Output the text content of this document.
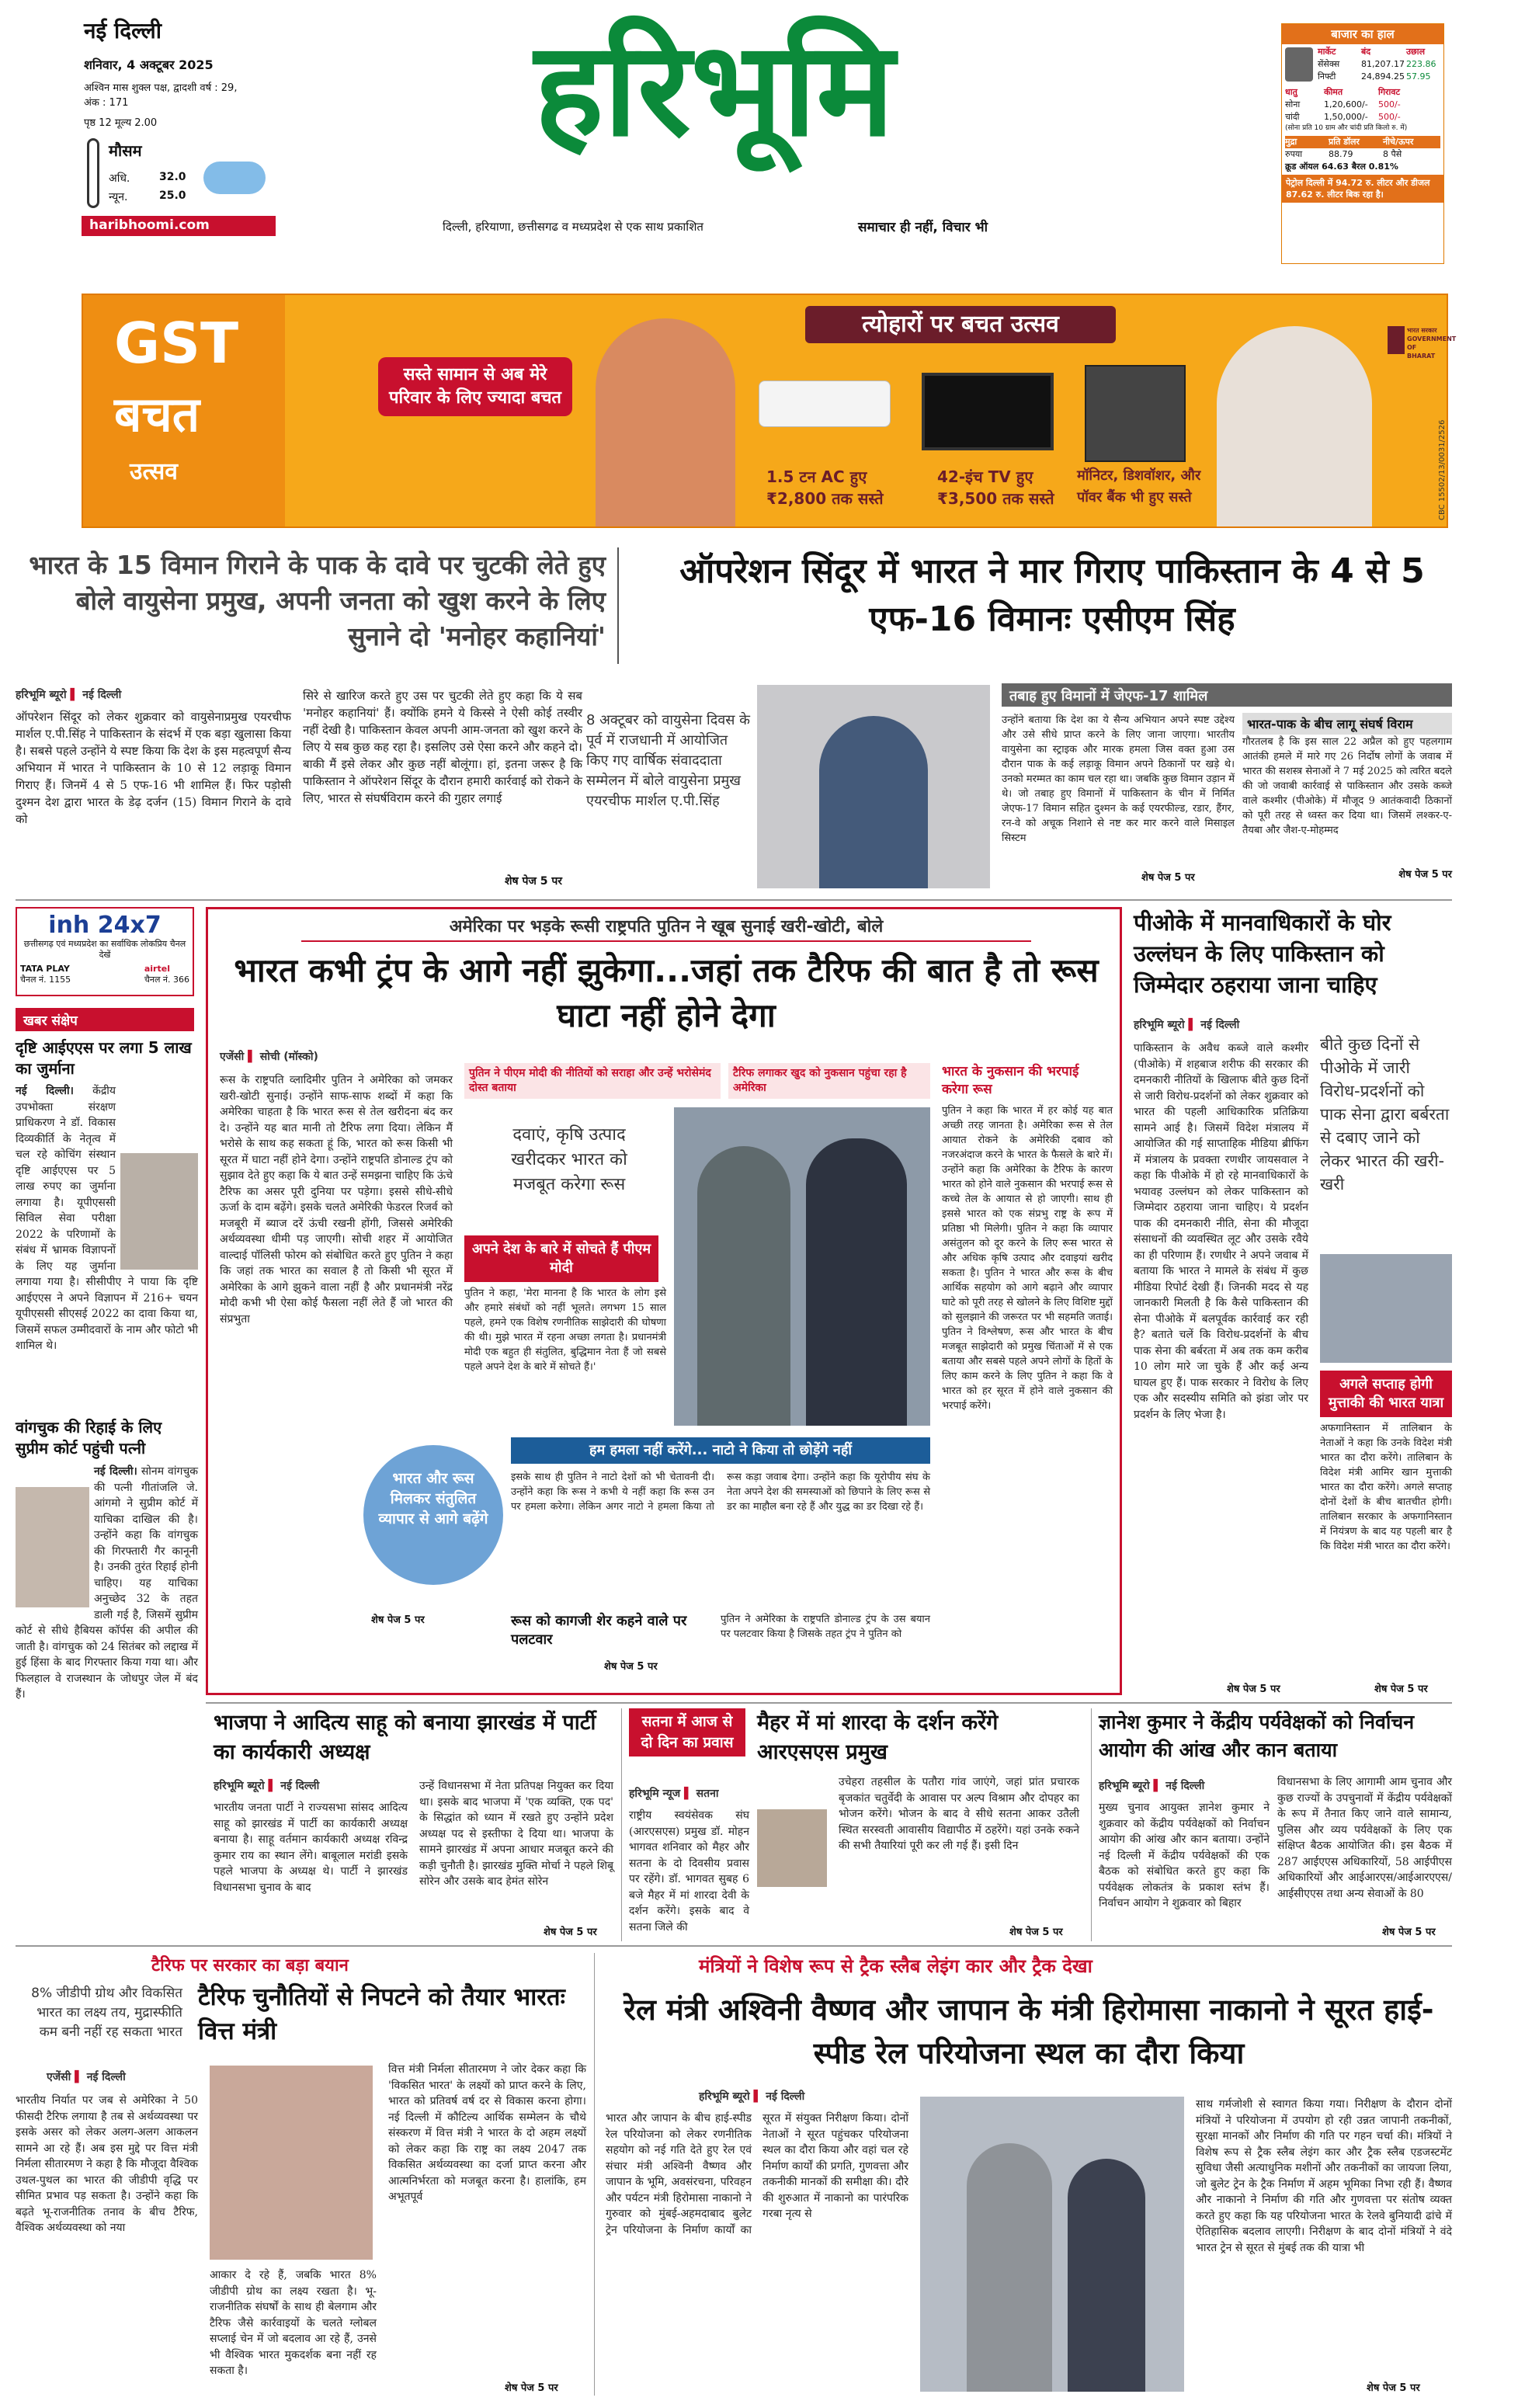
नई दिल्ली
शनिवार, 4 अक्टूबर 2025
अश्विन मास शुक्ल पक्ष, द्वादशी वर्ष : 29, अंक : 171
पृष्ठ 12 मूल्य 2.00
मौसम
अधि.	32.0
न्यून.	25.0
haribhoomi.com
हरिभूमि
दिल्ली, हरियाणा, छत्तीसगढ व मध्यप्रदेश से एक साथ प्रकाशित	समाचार ही नहीं, विचार भी
बाजार का हाल
मार्केट	बंद	उछाल
सेंसेक्स	81,207.17 223.86
निफ्टी	24,894.25 57.95
धातु	कीमत	गिरावट
सोना	1,20,600/-	500/-
चांदी	1,50,000/-	500/-
(सोना प्रति 10 ग्राम और चांदी प्रति किलो रु. में)
मुद्रा	प्रति डॉलर	नीचे/ऊपर
रुपया	88.79	8 पैसे
क्रूड ऑयल 64.63 बैरल 0.81%
पेट्रोल दिल्ली में 94.72 रु. लीटर और डीजल 87.62 रु. लीटर बिक रहा है।
GST
बचत
उत्सव
त्योहारों पर बचत उत्सव
सस्ते सामान से अब मेरे परिवार के लिए ज्यादा बचत
1.5 टन AC हुए
₹2,800 तक सस्ते
42-इंच TV हुए
₹3,500 तक सस्ते
मॉनिटर, डिशवॉशर, और
पॉवर बैंक भी हुए सस्ते
भारत सरकार GOVERNMENT OF BHARAT
CBC 15502/13/0031/2526
भारत के 15 विमान गिराने के पाक के दावे पर चुटकी लेते हुए बोले वायुसेना प्रमुख, अपनी जनता को खुश करने के लिए सुनाने दो 'मनोहर कहानियां'
ऑपरेशन सिंदूर में भारत ने मार गिराए पाकिस्तान के 4 से 5 एफ-16 विमानः एसीएम सिंह
हरिभूमि ब्यूरो ▌ नई दिल्ली
ऑपरेशन सिंदूर को लेकर शुक्रवार को वायुसेनाप्रमुख एयरचीफ मार्शल ए.पी.सिंह ने पाकिस्तान के संदर्भ में एक बड़ा खुलासा किया है। सबसे पहले उन्होंने ये स्पष्ट किया कि देश के इस महत्वपूर्ण सैन्य अभियान में भारत ने पाकिस्तान के 10 से 12 लड़ाकू विमान गिराए हैं। जिनमें 4 से 5 एफ-16 भी शामिल हैं। फिर पड़ोसी दुश्मन देश द्वारा भारत के डेढ़ दर्जन (15) विमान गिराने के दावे को
सिरे से खारिज करते हुए उस पर चुटकी लेते हुए कहा कि ये सब 'मनोहर कहानियां' हैं। क्योंकि हमने ये किस्से ने ऐसी कोई तस्वीर नहीं देखी है। पाकिस्तान केवल अपनी आम-जनता को खुश करने के लिए ये सब कुछ कह रहा है। इसलिए उसे ऐसा करने और कहने दो। बाकी मैं इसे लेकर और कुछ नहीं बोलूंगा। हां, इतना जरूर है कि पाकिस्तान ने ऑपरेशन सिंदूर के दौरान हमारी कार्रवाई को रोकने के लिए, भारत से संघर्षविराम करने की गुहार लगाई
शेष पेज 5 पर
8 अक्टूबर को वायुसेना दिवस के पूर्व में राजधानी में आयोजित किए गए वार्षिक संवाददाता सम्मेलन में बोले वायुसेना प्रमुख एयरचीफ मार्शल ए.पी.सिंह
तबाह हुए विमानों में जेएफ-17 शामिल
उन्होंने बताया कि देश का ये सैन्य अभियान अपने स्पष्ट उद्देश्य और उसे सीधे प्राप्त करने के लिए जाना जाएगा। भारतीय वायुसेना का स्ट्राइक और मारक हमला जिस वक्त हुआ उस दौरान पाक के कई लड़ाकू विमान अपने ठिकानों पर खड़े थे। उनको मरम्मत का काम चल रहा था। जबकि कुछ विमान उड़ान में थे। जो तबाह हुए विमानों में पाकिस्तान के चीन में निर्मित जेएफ-17 विमान सहित दुश्मन के कई एयरफील्ड, रडार, हैंगर, रन-वे को अचूक निशाने से नष्ट कर मार करने वाले मिसाइल सिस्टम
शेष पेज 5 पर
भारत-पाक के बीच लागू संघर्ष विराम
गौरतलब है कि इस साल 22 अप्रैल को हुए पहलगाम आतंकी हमले में मारे गए 26 निर्दोष लोगों के जवाब में भारत की सशस्त्र सेनाओं ने 7 मई 2025 को त्वरित बदले की जो जवाबी कार्रवाई से पाकिस्तान और उसके कब्जे वाले कश्मीर (पीओके) में मौजूद 9 आतंकवादी ठिकानों को पूरी तरह से ध्वस्त कर दिया था। जिसमें लश्कर-ए-तैयबा और जैश-ए-मोहम्मद
शेष पेज 5 पर
inh 24x7
छत्तीसगढ़ एवं मध्यप्रदेश का सर्वाधिक लोकप्रिय चैनल देखें
TATA PLAY
चैनल नं. 1155
airtel
चैनल नं. 366
खबर संक्षेप
दृष्टि आईएएस पर लगा 5 लाख का जुर्माना
नई दिल्ली। केंद्रीय उपभोक्ता संरक्षण प्राधिकरण ने डॉ. विकास दिव्यकीर्ति के नेतृत्व में चल रहे कोचिंग संस्थान दृष्टि आईएएस पर 5 लाख रुपए का जुर्माना लगाया है। यूपीएससी सिविल सेवा परीक्षा 2022 के परिणामों के संबंध में भ्रामक विज्ञापनों के लिए यह जुर्माना लगाया गया है। सीसीपीए ने पाया कि दृष्टि आईएएस ने अपने विज्ञापन में 216+ चयन यूपीएससी सीएसई 2022 का दावा किया था, जिसमें सफल उम्मीदवारों के नाम और फोटो भी शामिल थे।
वांगचुक की रिहाई के लिए सुप्रीम कोर्ट पहुंची पत्नी
नई दिल्ली। सोनम वांगचुक की पत्नी गीतांजलि जे. आंगमो ने सुप्रीम कोर्ट में याचिका दाखिल की है। उन्होंने कहा कि वांगचुक की गिरफ्तारी गैर कानूनी है। उनकी तुरंत रिहाई होनी चाहिए। यह याचिका अनुच्छेद 32 के तहत डाली गई है, जिसमें सुप्रीम कोर्ट से सीधे हैबियस कॉर्पस की अपील की जाती है। वांगचुक को 24 सितंबर को लद्दाख में हुई हिंसा के बाद गिरफ्तार किया गया था। और फिलहाल वे राजस्थान के जोधपुर जेल में बंद हैं।
अमेरिका पर भड़के रूसी राष्ट्रपति पुतिन ने खूब सुनाई खरी-खोटी, बोले
भारत कभी ट्रंप के आगे नहीं झुकेगा...जहां तक टैरिफ की बात है तो रूस घाटा नहीं होने देगा
एजेंसी ▌ सोची (मॉस्को)
रूस के राष्ट्रपति व्लादिमीर पुतिन ने अमेरिका को जमकर खरी-खोटी सुनाई। उन्होंने साफ-साफ शब्दों में कहा कि अमेरिका चाहता है कि भारत रूस से तेल खरीदना बंद कर दे। उन्होंने यह बात मानी तो टैरिफ लगा दिया। लेकिन मैं भरोसे के साथ कह सकता हूं कि, भारत को रूस किसी भी सूरत में घाटा नहीं होने देगा। उन्होंने राष्ट्रपति डोनाल्ड ट्रंप को सुझाव देते हुए कहा कि ये बात उन्हें समझना चाहिए कि ऊंचे टैरिफ का असर पूरी दुनिया पर पड़ेगा। इससे सीधे-सीधे ऊर्जा के दाम बढ़ेंगे। इसके चलते अमेरिकी फेडरल रिजर्व को मजबूरी में ब्याज दरें ऊंची रखनी होंगी, जिससे अमेरिकी अर्थव्यवस्था धीमी पड़ जाएगी। सोची शहर में आयोजित वाल्दाई पॉलिसी फोरम को संबोधित करते हुए पुतिन ने कहा कि जहां तक भारत का सवाल है तो किसी भी सूरत में अमेरिका के आगे झुकने वाला नहीं है और प्रधानमंत्री नरेंद्र मोदी कभी भी ऐसा कोई फैसला नहीं लेते हैं जो भारत की संप्रभुता
शेष पेज 5 पर
पुतिन ने पीएम मोदी की नीतियों को सराहा और उन्हें भरोसेमंद दोस्त बताया
टैरिफ लगाकर खुद को नुकसान पहुंचा रहा है अमेरिका
दवाएं, कृषि उत्पाद खरीदकर भारत को मजबूत करेगा रूस
अपने देश के बारे में सोचते हैं पीएम मोदी
पुतिन ने कहा, 'मेरा मानना है कि भारत के लोग इसे और हमारे संबंधों को नहीं भूलते। लगभग 15 साल पहले, हमने एक विशेष रणनीतिक साझेदारी की घोषणा की थी। मुझे भारत में रहना अच्छा लगता है। प्रधानमंत्री मोदी एक बहुत ही संतुलित, बुद्धिमान नेता हैं जो सबसे पहले अपने देश के बारे में सोचते हैं।'
भारत और रूस मिलकर संतुलित व्यापार से आगे बढ़ेंगे
हम हमला नहीं करेंगे... नाटो ने किया तो छोड़ेंगे नहीं
इसके साथ ही पुतिन ने नाटो देशों को भी चेतावनी दी। उन्होंने कहा कि रूस ने कभी ये नहीं कहा कि रूस उन पर हमला करेगा। लेकिन अगर नाटो ने हमला किया तो रूस कड़ा जवाब देगा। उन्होंने कहा कि यूरोपीय संघ के नेता अपने देश की समस्याओं को छिपाने के लिए रूस से डर का माहौल बना रहे हैं और युद्ध का डर दिखा रहे हैं।
भारत के नुकसान की भरपाई करेगा रूस
पुतिन ने कहा कि भारत में हर कोई यह बात अच्छी तरह जानता है। अमेरिका रूस से तेल आयात रोकने के अमेरिकी दबाव को नजरअंदाज करने के भारत के फैसले के बारे में। उन्होंने कहा कि अमेरिका के टैरिफ के कारण भारत को होने वाले नुकसान की भरपाई रूस से कच्चे तेल के आयात से हो जाएगी। साथ ही इससे भारत को एक संप्रभु राष्ट्र के रूप में प्रतिष्ठा भी मिलेगी। पुतिन ने कहा कि व्यापार असंतुलन को दूर करने के लिए रूस भारत से और अधिक कृषि उत्पाद और दवाइयां खरीद सकता है। पुतिन ने भारत और रूस के बीच आर्थिक सहयोग को आगे बढ़ाने और व्यापार घाटे को पूरी तरह से खोलने के लिए विशिष्ट मुद्दों को सुलझाने की जरूरत पर भी सहमति जताई। पुतिन ने विश्लेषण, रूस और भारत के बीच मजबूत साझेदारी को प्रमुख चिंताओं में से एक बताया और सबसे पहले अपने लोगों के हितों के लिए काम करने के लिए पुतिन ने कहा कि वे भारत को हर सूरत में होने वाले नुकसान की भरपाई करेंगे।
रूस को कागजी शेर कहने वाले पर पलटवार
पुतिन ने अमेरिका के राष्ट्रपति डोनाल्ड ट्रंप के उस बयान पर पलटवार किया है जिसके तहत ट्रंप ने पुतिन को
शेष पेज 5 पर
पीओके में मानवाधिकारों के घोर उल्लंघन के लिए पाकिस्तान को जिम्मेदार ठहराया जाना चाहिए
हरिभूमि ब्यूरो ▌ नई दिल्ली
पाकिस्तान के अवैध कब्जे वाले कश्मीर (पीओके) में शहबाज शरीफ की सरकार की दमनकारी नीतियों के खिलाफ बीते कुछ दिनों से जारी विरोध-प्रदर्शनों को लेकर शुक्रवार को भारत की पहली आधिकारिक प्रतिक्रिया सामने आई है। जिसमें विदेश मंत्रालय में आयोजित की गई साप्ताहिक मीडिया ब्रीफिंग में मंत्रालय के प्रवक्ता रणधीर जायसवाल ने कहा कि पीओके में हो रहे मानवाधिकारों के भयावह उल्लंघन को लेकर पाकिस्तान को जिम्मेदार ठहराया जाना चाहिए। ये प्रदर्शन पाक की दमनकारी नीति, सेना की मौजूदा संसाधनों की व्यवस्थित लूट और उसके रवैये का ही परिणाम हैं। रणधीर ने अपने जवाब में बताया कि भारत ने मामले के संबंध में कुछ मीडिया रिपोर्ट देखी हैं। जिनकी मदद से यह जानकारी मिलती है कि कैसे पाकिस्तान की सेना पीओके में बलपूर्वक कार्रवाई कर रही है? बताते चलें कि विरोध-प्रदर्शनों के बीच पाक सेना की बर्बरता में अब तक कम करीब 10 लोग मारे जा चुके हैं और कई अन्य घायल हुए हैं। पाक सरकार ने विरोध के लिए एक और सदस्यीय समिति को झंडा जोर पर प्रदर्शन के लिए भेजा है।
शेष पेज 5 पर
बीते कुछ दिनों से पीओके में जारी विरोध-प्रदर्शनों को पाक सेना द्वारा बर्बरता से दबाए जाने को लेकर भारत की खरी-खरी
अगले सप्ताह होगी मुत्ताकी की भारत यात्रा
अफगानिस्तान में तालिबान के नेताओं ने कहा कि उनके विदेश मंत्री भारत का दौरा करेंगे। तालिबान के विदेश मंत्री आमिर खान मुत्ताकी भारत का दौरा करेंगे। अगले सप्ताह दोनों देशों के बीच बातचीत होगी। तालिबान सरकार के अफगानिस्तान में नियंत्रण के बाद यह पहली बार है कि विदेश मंत्री भारत का दौरा करेंगे।
शेष पेज 5 पर
भाजपा ने आदित्य साहू को बनाया झारखंड में पार्टी का कार्यकारी अध्यक्ष
हरिभूमि ब्यूरो ▌ नई दिल्ली
भारतीय जनता पार्टी ने राज्यसभा सांसद आदित्य साहू को झारखंड में पार्टी का कार्यकारी अध्यक्ष बनाया है। साहू वर्तमान कार्यकारी अध्यक्ष रविन्द्र कुमार राय का स्थान लेंगे। बाबूलाल मरांडी इसके पहले भाजपा के अध्यक्ष थे। पार्टी ने झारखंड विधानसभा चुनाव के बाद
उन्हें विधानसभा में नेता प्रतिपक्ष नियुक्त कर दिया था। इसके बाद भाजपा में 'एक व्यक्ति, एक पद' के सिद्धांत को ध्यान में रखते हुए उन्होंने प्रदेश अध्यक्ष पद से इस्तीफा दे दिया था। भाजपा के सामने झारखंड में अपना आधार मजबूत करने की कड़ी चुनौती है। झारखंड मुक्ति मोर्चा ने पहले शिबू सोरेन और उसके बाद हेमंत सोरेन
शेष पेज 5 पर
सतना में आज से दो दिन का प्रवास
मैहर में मां शारदा के दर्शन करेंगे आरएसएस प्रमुख
हरिभूमि न्यूज ▌ सतना
राष्ट्रीय स्वयंसेवक संघ (आरएसएस) प्रमुख डॉ. मोहन भागवत शनिवार को मैहर और सतना के दो दिवसीय प्रवास पर रहेंगे। डॉ. भागवत सुबह 6 बजे मैहर में मां शारदा देवी के दर्शन करेंगे। इसके बाद वे सतना जिले की
उचेहरा तहसील के पतौरा गांव जाएंगे, जहां प्रांत प्रचारक बृजकांत चतुर्वेदी के आवास पर अल्प विश्राम और दोपहर का भोजन करेंगे। भोजन के बाद वे सीधे सतना आकर उतैली स्थित सरस्वती आवासीय विद्यापीठ में ठहरेंगे। यहां उनके रुकने की सभी तैयारियां पूरी कर ली गई हैं। इसी दिन
शेष पेज 5 पर
ज्ञानेश कुमार ने केंद्रीय पर्यवेक्षकों को निर्वाचन आयोग की आंख और कान बताया
हरिभूमि ब्यूरो ▌ नई दिल्ली
मुख्य चुनाव आयुक्त ज्ञानेश कुमार ने शुक्रवार को केंद्रीय पर्यवेक्षकों को निर्वाचन आयोग की आंख और कान बताया। उन्होंने नई दिल्ली में केंद्रीय पर्यवेक्षकों की एक बैठक को संबोधित करते हुए कहा कि पर्यवेक्षक लोकतंत्र के प्रकाश स्तंभ हैं। निर्वाचन आयोग ने शुक्रवार को बिहार
विधानसभा के लिए आगामी आम चुनाव और कुछ राज्यों के उपचुनावों में केंद्रीय पर्यवेक्षकों के रूप में तैनात किए जाने वाले सामान्य, पुलिस और व्यय पर्यवेक्षकों के लिए एक संक्षिप्त बैठक आयोजित की। इस बैठक में 287 आईएएस अधिकारियों, 58 आईपीएस अधिकारियों और आईआरएस/आईआरएएस/आईसीएएस तथा अन्य सेवाओं के 80
शेष पेज 5 पर
टैरिफ पर सरकार का बड़ा बयान
8% जीडीपी ग्रोथ और विकसित भारत का लक्ष्य तय, मुद्रास्फीति कम बनी नहीं रह सकता भारत
टैरिफ चुनौतियों से निपटने को तैयार भारतः वित्त मंत्री
एजेंसी ▌ नई दिल्ली
भारतीय निर्यात पर जब से अमेरिका ने 50 फीसदी टैरिफ लगाया है तब से अर्थव्यवस्था पर इसके असर को लेकर अलग-अलग आकलन सामने आ रहे हैं। अब इस मुद्दे पर वित्त मंत्री निर्मला सीतारमण ने कहा है कि मौजूदा वैश्विक उथल-पुथल का भारत की जीडीपी वृद्धि पर सीमित प्रभाव पड़ सकता है। उन्होंने कहा कि बढ़ते भू-राजनीतिक तनाव के बीच टैरिफ, वैश्विक अर्थव्यवस्था को नया
आकार दे रहे हैं, जबकि भारत 8% जीडीपी ग्रोथ का लक्ष्य रखता है। भू-राजनीतिक संघर्षों के साथ ही बेलगाम और टैरिफ जैसे कार्रवाइयों के चलते ग्लोबल सप्लाई चेन में जो बदलाव आ रहे हैं, उनसे भी वैश्विक भारत मुकदर्शक बना नहीं रह सकता है।
वित्त मंत्री निर्मला सीतारमण ने जोर देकर कहा कि 'विकसित भारत' के लक्ष्यों को प्राप्त करने के लिए, भारत को प्रतिवर्ष वर्ष दर से विकास करना होगा। नई दिल्ली में कौटिल्य आर्थिक सम्मेलन के चौथे संस्करण में वित्त मंत्री ने भारत के दो अहम लक्ष्यों को लेकर कहा कि राष्ट्र का लक्ष्य 2047 तक विकसित अर्थव्यवस्था का दर्जा प्राप्त करना और आत्मनिर्भरता को मजबूत करना है। हालांकि, हम अभूतपूर्व
शेष पेज 5 पर
मंत्रियों ने विशेष रूप से ट्रैक स्लैब लेइंग कार और ट्रैक देखा
रेल मंत्री अश्विनी वैष्णव और जापान के मंत्री हिरोमासा नाकानो ने सूरत हाई-स्पीड रेल परियोजना स्थल का दौरा किया
हरिभूमि ब्यूरो ▌ नई दिल्ली
भारत और जापान के बीच हाई-स्पीड रेल परियोजना को लेकर रणनीतिक सहयोग को नई गति देते हुए रेल एवं संचार मंत्री अश्विनी वैष्णव और जापान के भूमि, अवसंरचना, परिवहन और पर्यटन मंत्री हिरोमासा नाकानो ने गुरुवार को मुंबई-अहमदाबाद बुलेट ट्रेन परियोजना के निर्माण कार्यों का सूरत में संयुक्त निरीक्षण किया। दोनों नेताओं ने सूरत पहुंचकर परियोजना स्थल का दौरा किया और वहां चल रहे निर्माण कार्यों की प्रगति, गुणवत्ता और तकनीकी मानकों की समीक्षा की। दौरे की शुरुआत में नाकानो का पारंपरिक गरबा नृत्य से
साथ गर्मजोशी से स्वागत किया गया। निरीक्षण के दौरान दोनों मंत्रियों ने परियोजना में उपयोग हो रही उन्नत जापानी तकनीकों, सुरक्षा मानकों और निर्माण की गति पर गहन चर्चा की। मंत्रियों ने विशेष रूप से ट्रैक स्लैब लेइंग कार और ट्रैक स्लैब एडजस्टमेंट सुविधा जैसी अत्याधुनिक मशीनों और तकनीकों का जायजा लिया, जो बुलेट ट्रेन के ट्रैक निर्माण में अहम भूमिका निभा रही हैं। वैष्णव और नाकानो ने निर्माण की गति और गुणवत्ता पर संतोष व्यक्त करते हुए कहा कि यह परियोजना भारत के रेलवे बुनियादी ढांचे में ऐतिहासिक बदलाव लाएगी। निरीक्षण के बाद दोनों मंत्रियों ने वंदे भारत ट्रेन से सूरत से मुंबई तक की यात्रा भी
शेष पेज 5 पर
